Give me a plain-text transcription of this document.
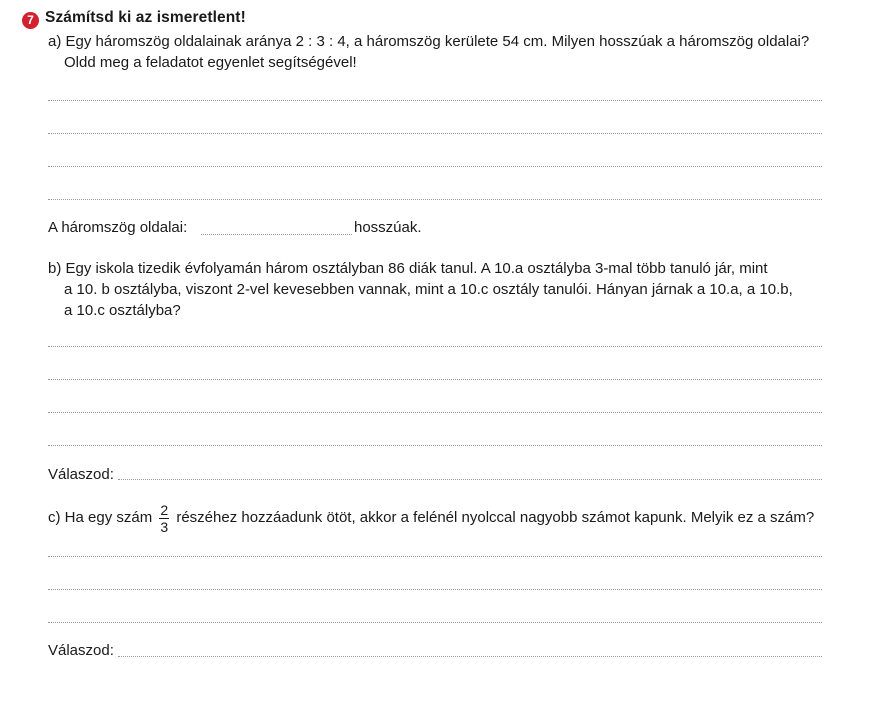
7 Számítsd ki az ismeretlent!
a) Egy háromszög oldalainak aránya 2 : 3 : 4, a háromszög kerülete 54 cm. Milyen hosszúak a háromszög oldalai?
Oldd meg a feladatot egyenlet segítségével!
A háromszög oldalai:	hosszúak.
b) Egy iskola tizedik évfolyamán három osztályban 86 diák tanul. A 10.a osztályba 3-mal több tanuló jár, mint
a 10. b osztályba, viszont 2-vel kevesebben vannak, mint a 10.c osztály tanulói. Hányan járnak a 10.a, a 10.b,
a 10.c osztályba?
Válaszod:
c) Ha egy szám $\frac{2}{3}$ részéhez hozzáadunk ötöt, akkor a felénél nyolccal nagyobb számot kapunk. Melyik ez a szám?
Válaszod:
